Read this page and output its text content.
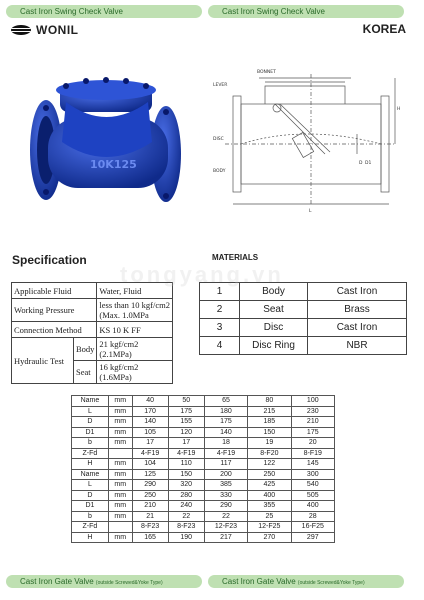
Cast Iron Swing Check Valve	Cast Iron Swing Check Valve
WONIL	KOREA
10K125
BONNET
LEVER
DISC
BODY
L
H
D D1
Specification	MATERIALS
Applicable Fluid		Water, Fluid
Working Pressure		less than 10 kgf/cm2
(Max. 1.0MPa

Connection Method		KS 10 K FF
Hydraulic Test	Body	21 kgf/cm2 (2.1MPa)
	Seat	16 kgf/cm2 (1.6MPa)
1	Body	Cast Iron
2	Seat	Brass
3	Disc	Cast Iron
4	Disc Ring	NBR
tongyang.vn
Name	mm	40	50	65	80	100
L	mm	170	175	180	215	230
D	mm	140	155	175	185	210
D1	mm	105	120	140	150	175
b	mm	17	17	18	19	20
Z-Fd		4-F19	4-F19	4-F19	8-F20	8-F19
H	mm	104	110	117	122	145
Name	mm	125	150	200	250	300
L	mm	290	320	385	425	540
D	mm	250	280	330	400	505
D1	mm	210	240	290	355	400
b	mm	21	22	22	25	28
Z-Fd		8-F23	8-F23	12-F23	12-F25	16-F25
H	mm	165	190	217	270	297
Cast Iron Gate Valve (outside Screwed&Yoke Type)	Cast Iron Gate Valve (outside Screwed&Yoke Type)
